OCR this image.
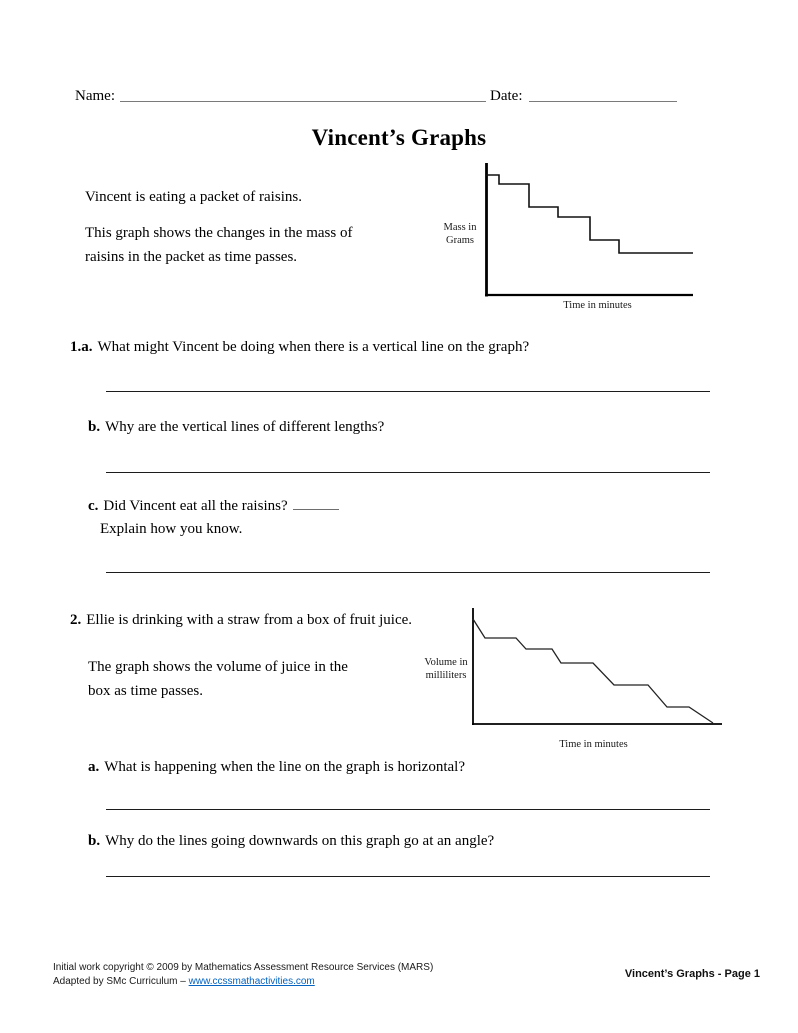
Name:	Date:
Vincent’s Graphs
Vincent is eating a packet of raisins.
This graph shows the changes in the mass of
raisins in the packet as time passes.
Mass in
Grams
Time in minutes
1.a. What might Vincent be doing when there is a vertical line on the graph?
b. Why are the vertical lines of different lengths?
c. Did Vincent eat all the raisins?
Explain how you know.
2. Ellie is drinking with a straw from a box of fruit juice.
The graph shows the volume of juice in the
box as time passes.
Volume in
milliliters
Time in minutes
a. What is happening when the line on the graph is horizontal?
b. Why do the lines going downwards on this graph go at an angle?
Initial work copyright © 2009 by Mathematics Assessment Resource Services (MARS)
Adapted by SMc Curriculum – www.ccssmathactivities.com
Vincent’s Graphs - Page 1
